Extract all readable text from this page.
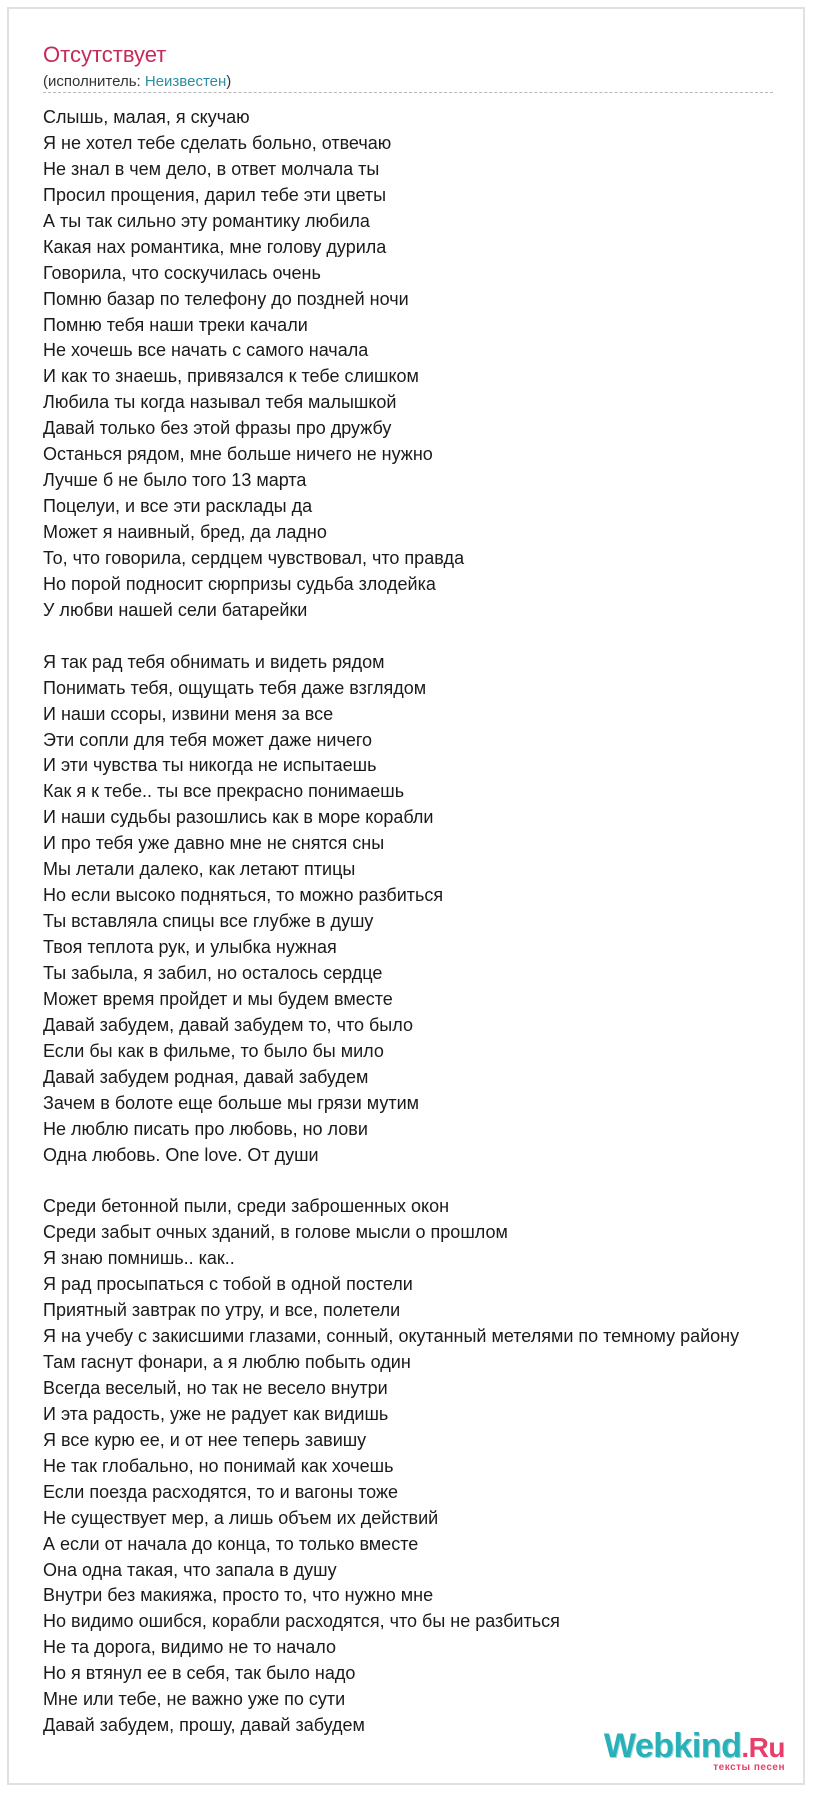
Отсутствует
(исполнитель: Неизвестен)
Слышь, малая, я скучаю
Я не хотел тебе сделать больно, отвечаю
Не знал в чем дело, в ответ молчала ты
Просил прощения, дарил тебе эти цветы
А ты так сильно эту романтику любила
Какая нах романтика, мне голову дурила
Говорила, что соскучилась очень
Помню базар по телефону до поздней ночи
Помню тебя наши треки качали
Не хочешь все начать с самого начала
И как то знаешь, привязался к тебе слишком
Любила ты когда называл тебя малышкой
Давай только без этой фразы про дружбу
Останься рядом, мне больше ничего не нужно
Лучше б не было того 13 марта
Поцелуи, и все эти расклады да
Может я наивный, бред, да ладно
То, что говорила, сердцем чувствовал, что правда
Но порой подносит сюрпризы судьба злодейка
У любви нашей сели батарейки
Я так рад тебя обнимать и видеть рядом
Понимать тебя, ощущать тебя даже взглядом
И наши ссоры, извини меня за все
Эти сопли для тебя может даже ничего
И эти чувства ты никогда не испытаешь
Как я к тебе.. ты все прекрасно понимаешь
И наши судьбы разошлись как в море корабли
И про тебя уже давно мне не снятся сны
Мы летали далеко, как летают птицы
Но если высоко подняться, то можно разбиться
Ты вставляла спицы все глубже в душу
Твоя теплота рук, и улыбка нужная
Ты забыла, я забил, но осталось сердце
Может время пройдет и мы будем вместе
Давай забудем, давай забудем то, что было
Если бы как в фильме, то было бы мило
Давай забудем родная, давай забудем
Зачем в болоте еще больше мы грязи мутим
Не люблю писать про любовь, но лови
Одна любовь. One love. От души
Среди бетонной пыли, среди заброшенных окон
Среди забыт очных зданий, в голове мысли о прошлом
Я знаю помнишь.. как..
Я рад просыпаться с тобой в одной постели
Приятный завтрак по утру, и все, полетели
Я на учебу с закисшими глазами, сонный, окутанный метелями по темному району
Там гаснут фонари, а я люблю побыть один
Всегда веселый, но так не весело внутри
И эта радость, уже не радует как видишь
Я все курю ее, и от нее теперь завишу
Не так глобально, но понимай как хочешь
Если поезда расходятся, то и вагоны тоже
Не существует мер, а лишь объем их действий
А если от начала до конца, то только вместе
Она одна такая, что запала в душу
Внутри без макияжа, просто то, что нужно мне
Но видимо ошибся, корабли расходятся, что бы не разбиться
Не та дорога, видимо не то начало
Но я втянул ее в себя, так было надо
Мне или тебе, не важно уже по сути
Давай забудем, прошу, давай забудем
Webkind.Ru
тексты песен
